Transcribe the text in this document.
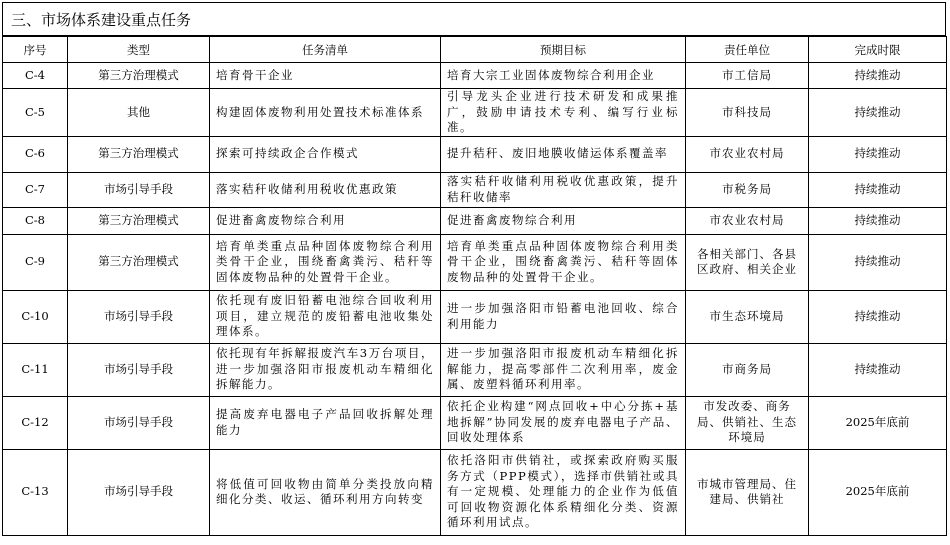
三、市场体系建设重点任务
序号	类型	任务清单	预期目标	责任单位	完成时限
C-4	第三方治理模式	培育骨干企业	培育大宗工业固体废物综合利用企业	市工信局	持续推动
C-5	其他	构建固体废物利用处置技术标准体系	引导龙头企业进行技术研发和成果推广，鼓励申请技术专利、编写行业标准。	市科技局	持续推动
C-6	第三方治理模式	探索可持续政企合作模式	提升秸秆、废旧地膜收储运体系覆盖率	市农业农村局	持续推动
C-7	市场引导手段	落实秸秆收储利用税收优惠政策	落实秸秆收储利用税收优惠政策，提升秸秆收储率	市税务局	持续推动
C-8	第三方治理模式	促进畜禽废物综合利用	促进畜禽废物综合利用	市农业农村局	持续推动
C-9	第三方治理模式	培育单类重点品种固体废物综合利用类骨干企业，围绕畜禽粪污、秸秆等固体废物品种的处置骨干企业。	培育单类重点品种固体废物综合利用类骨干企业，围绕畜禽粪污、秸秆等固体废物品种的处置骨干企业。	各相关部门、各县区政府、相关企业	持续推动
C-10	市场引导手段	依托现有废旧铅蓄电池综合回收利用项目，建立规范的废铅蓄电池收集处理体系。	进一步加强洛阳市铅蓄电池回收、综合利用能力	市生态环境局	持续推动
C-11	市场引导手段	依托现有年拆解报废汽车3万台项目，进一步加强洛阳市报废机动车精细化拆解能力。	进一步加强洛阳市报废机动车精细化拆解能力，提高零部件二次利用率，废金属、废塑料循环利用率。	市商务局	持续推动
C-12	市场引导手段	提高废弃电器电子产品回收拆解处理能力	依托企业构建“网点回收+中心分拣+基地拆解”协同发展的废弃电器电子产品、回收处理体系	市发改委、商务局、供销社、生态环境局	2025年底前
C-13	市场引导手段	将低值可回收物由简单分类投放向精细化分类、收运、循环利用方向转变	依托洛阳市供销社，或探索政府购买服务方式（PPP模式），选择市供销社或具有一定规模、处理能力的企业作为低值可回收物资源化体系精细化分类、资源循环利用试点。	市城市管理局、住建局、供销社	2025年底前
